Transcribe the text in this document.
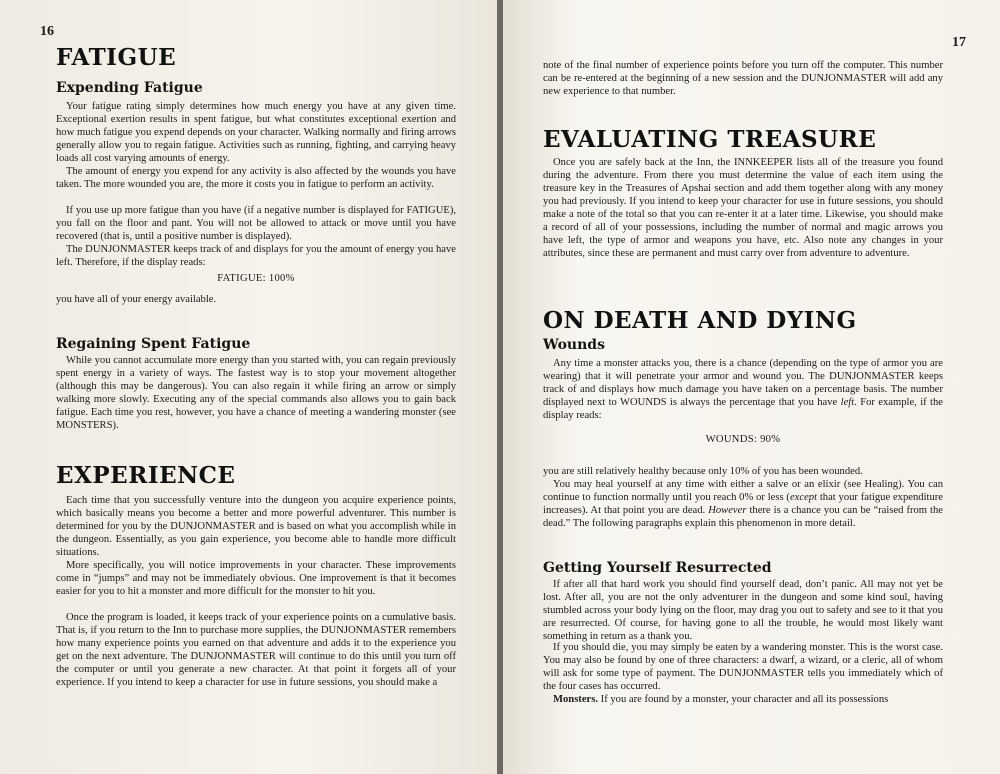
16
FATIGUE
Expending Fatigue

Your fatigue rating simply determines how much energy you have at any given time. Exceptional exertion results in spent fatigue, but what constitutes exceptional exertion and how much fatigue you expend depends on your character. Walking normally and firing arrows generally allow you to regain fatigue. Activities such as running, fighting, and carrying heavy loads all cost varying amounts of energy.

The amount of energy you expend for any activity is also affected by the wounds you have taken. The more wounded you are, the more it costs you in fatigue to perform an activity.

If you use up more fatigue than you have (if a negative number is displayed for FATIGUE), you fall on the floor and pant. You will not be allowed to attack or move until you have recovered (that is, until a positive number is displayed).

The DUNJONMASTER keeps track of and displays for you the amount of energy you have left. Therefore, if the display reads:

FATIGUE: 100%

you have all of your energy available.

Regaining Spent Fatigue

While you cannot accumulate more energy than you started with, you can regain previously spent energy in a variety of ways. The fastest way is to stop your movement altogether (although this may be dangerous). You can also regain it while firing an arrow or simply walking more slowly. Executing any of the special commands also allows you to gain back fatigue. Each time you rest, however, you have a chance of meeting a wandering monster (see MONSTERS).

EXPERIENCE

Each time that you successfully venture into the dungeon you acquire experience points, which basically means you become a better and more powerful adventurer. This number is determined for you by the DUNJONMASTER and is based on what you accomplish while in the dungeon. Essentially, as you gain experience, you become able to handle more difficult situations.

More specifically, you will notice improvements in your character. These improvements come in “jumps” and may not be immediately obvious. One improvement is that it becomes easier for you to hit a monster and more difficult for the monster to hit you.

Once the program is loaded, it keeps track of your experience points on a cumulative basis. That is, if you return to the Inn to purchase more supplies, the DUNJONMASTER remembers how many experience points you earned on that adventure and adds it to the experience you get on the next adventure. The DUNJONMASTER will continue to do this until you turn off the computer or until you generate a new character. At that point it forgets all of your experience. If you intend to keep a character for use in future sessions, you should make a

17

note of the final number of experience points before you turn off the computer. This number can be re-entered at the beginning of a new session and the DUNJONMASTER will add any new experience to that number.

EVALUATING TREASURE

Once you are safely back at the Inn, the INNKEEPER lists all of the treasure you found during the adventure. From there you must determine the value of each item using the treasure key in the Treasures of Apshai section and add them together along with any money you had previously. If you intend to keep your character for use in future sessions, you should make a note of the total so that you can re-enter it at a later time. Likewise, you should make a record of all of your possessions, including the number of normal and magic arrows you have left, the type of armor and weapons you have, etc. Also note any changes in your attributes, since these are permanent and must carry over from adventure to adventure.

ON DEATH AND DYING
Wounds

Any time a monster attacks you, there is a chance (depending on the type of armor you are wearing) that it will penetrate your armor and wound you. The DUNJONMASTER keeps track of and displays how much damage you have taken on a percentage basis. The number displayed next to WOUNDS is always the percentage that you have left. For example, if the display reads:

WOUNDS: 90%

you are still relatively healthy because only 10% of you has been wounded.

You may heal yourself at any time with either a salve or an elixir (see Healing). You can continue to function normally until you reach 0% or less (except that your fatigue expenditure increases). At that point you are dead. However there is a chance you can be “raised from the dead.” The following paragraphs explain this phenomenon in more detail.

Getting Yourself Resurrected

If after all that hard work you should find yourself dead, don’t panic. All may not yet be lost. After all, you are not the only adventurer in the dungeon and some kind soul, having stumbled across your body lying on the floor, may drag you out to safety and see to it that you are resurrected. Of course, for having gone to all the trouble, he would most likely want something in return as a thank you.

If you should die, you may simply be eaten by a wandering monster. This is the worst case. You may also be found by one of three characters: a dwarf, a wizard, or a cleric, all of whom will ask for some type of payment. The DUNJONMASTER tells you immediately which of the four cases has occurred.

Monsters. If you are found by a monster, your character and all its possessions
